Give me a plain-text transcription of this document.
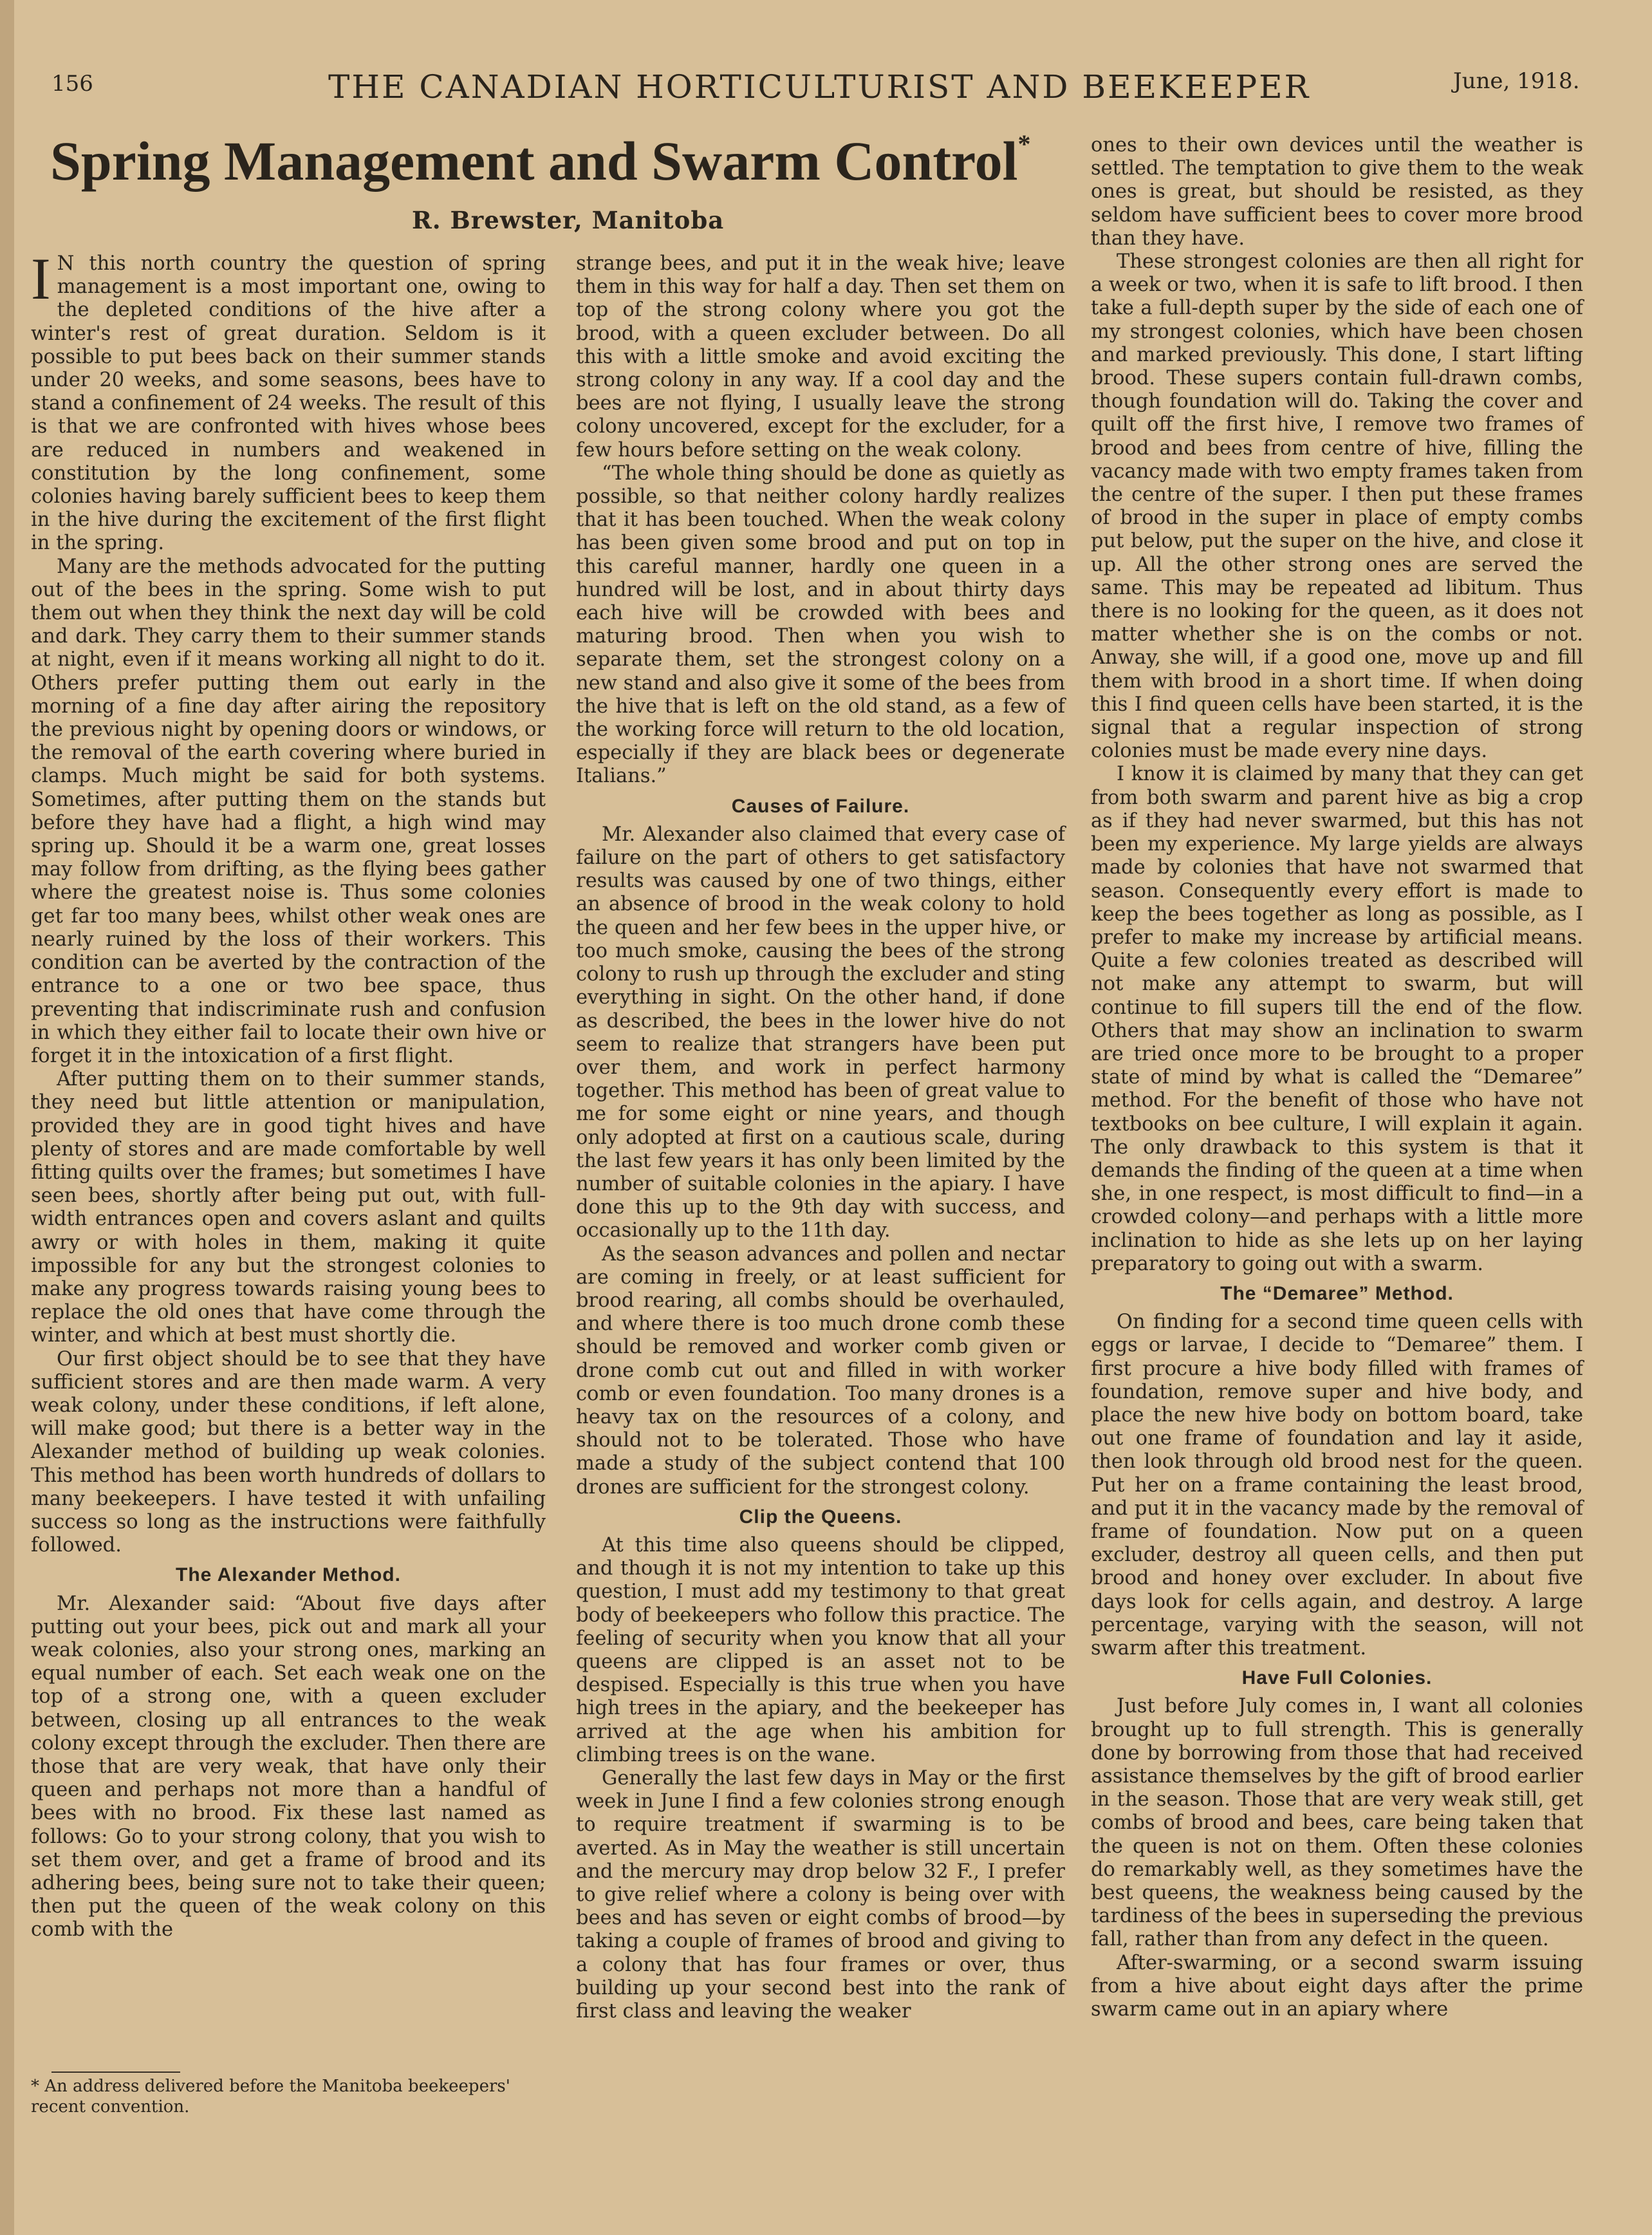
156	THE CANADIAN HORTICULTURIST AND BEEKEEPER	June, 1918.
Spring Management and Swarm Control*
R. Brewster, Manitoba

I N this north country the question of spring management is a most important one, owing to the depleted conditions of the hive after a winter's rest of great duration. Seldom is it possible to put bees back on their summer stands under 20 weeks, and some seasons, bees have to stand a confinement of 24 weeks. The result of this is that we are confronted with hives whose bees are reduced in numbers and weakened in constitution by the long confinement, some colonies having barely sufficient bees to keep them in the hive during the excitement of the first flight in the spring.

Many are the methods advocated for the putting out of the bees in the spring. Some wish to put them out when they think the next day will be cold and dark. They carry them to their summer stands at night, even if it means working all night to do it. Others prefer putting them out early in the morning of a fine day after airing the repository the previous night by opening doors or windows, or the removal of the earth covering where buried in clamps. Much might be said for both systems. Sometimes, after putting them on the stands but before they have had a flight, a high wind may spring up. Should it be a warm one, great losses may follow from drifting, as the flying bees gather where the greatest noise is. Thus some colonies get far too many bees, whilst other weak ones are nearly ruined by the loss of their workers. This condition can be averted by the contraction of the entrance to a one or two bee space, thus preventing that indiscriminate rush and confusion in which they either fail to locate their own hive or forget it in the intoxication of a first flight.

After putting them on to their summer stands, they need but little attention or manipulation, provided they are in good tight hives and have plenty of stores and are made comfortable by well fitting quilts over the frames; but sometimes I have seen bees, shortly after being put out, with full-width entrances open and covers aslant and quilts awry or with holes in them, making it quite impossible for any but the strongest colonies to make any progress towards raising young bees to replace the old ones that have come through the winter, and which at best must shortly die.

Our first object should be to see that they have sufficient stores and are then made warm. A very weak colony, under these conditions, if left alone, will make good; but there is a better way in the Alexander method of building up weak colonies. This method has been worth hundreds of dollars to many beekeepers. I have tested it with unfailing success so long as the instructions were faithfully followed.

The Alexander Method.

Mr. Alexander said: “About five days after putting out your bees, pick out and mark all your weak colonies, also your strong ones, marking an equal number of each. Set each weak one on the top of a strong one, with a queen excluder between, closing up all entrances to the weak colony except through the excluder. Then there are those that are very weak, that have only their queen and perhaps not more than a handful of bees with no brood. Fix these last named as follows: Go to your strong colony, that you wish to set them over, and get a frame of brood and its adhering bees, being sure not to take their queen; then put the queen of the weak colony on this comb with the

* An address delivered before the Manitoba beekeepers' recent convention.

strange bees, and put it in the weak hive; leave them in this way for half a day. Then set them on top of the strong colony where you got the brood, with a queen excluder between. Do all this with a little smoke and avoid exciting the strong colony in any way. If a cool day and the bees are not flying, I usually leave the strong colony uncovered, except for the excluder, for a few hours before setting on the weak colony.

“The whole thing should be done as quietly as possible, so that neither colony hardly realizes that it has been touched. When the weak colony has been given some brood and put on top in this careful manner, hardly one queen in a hundred will be lost, and in about thirty days each hive will be crowded with bees and maturing brood. Then when you wish to separate them, set the strongest colony on a new stand and also give it some of the bees from the hive that is left on the old stand, as a few of the working force will return to the old location, especially if they are black bees or degenerate Italians.”

Causes of Failure.

Mr. Alexander also claimed that every case of failure on the part of others to get satisfactory results was caused by one of two things, either an absence of brood in the weak colony to hold the queen and her few bees in the upper hive, or too much smoke, causing the bees of the strong colony to rush up through the excluder and sting everything in sight. On the other hand, if done as described, the bees in the lower hive do not seem to realize that strangers have been put over them, and work in perfect harmony together. This method has been of great value to me for some eight or nine years, and though only adopted at first on a cautious scale, during the last few years it has only been limited by the number of suitable colonies in the apiary. I have done this up to the 9th day with success, and occasionally up to the 11th day.

As the season advances and pollen and nectar are coming in freely, or at least sufficient for brood rearing, all combs should be overhauled, and where there is too much drone comb these should be removed and worker comb given or drone comb cut out and filled in with worker comb or even foundation. Too many drones is a heavy tax on the resources of a colony, and should not to be tolerated. Those who have made a study of the subject contend that 100 drones are sufficient for the strongest colony.

Clip the Queens.

At this time also queens should be clipped, and though it is not my intention to take up this question, I must add my testimony to that great body of beekeepers who follow this practice. The feeling of security when you know that all your queens are clipped is an asset not to be despised. Especially is this true when you have high trees in the apiary, and the beekeeper has arrived at the age when his ambition for climbing trees is on the wane.

Generally the last few days in May or the first week in June I find a few colonies strong enough to require treatment if swarming is to be averted. As in May the weather is still uncertain and the mercury may drop below 32 F., I prefer to give relief where a colony is being over with bees and has seven or eight combs of brood—by taking a couple of frames of brood and giving to a colony that has four frames or over, thus building up your second best into the rank of first class and leaving the weaker

ones to their own devices until the weather is settled. The temptation to give them to the weak ones is great, but should be resisted, as they seldom have sufficient bees to cover more brood than they have.

These strongest colonies are then all right for a week or two, when it is safe to lift brood. I then take a full-depth super by the side of each one of my strongest colonies, which have been chosen and marked previously. This done, I start lifting brood. These supers contain full-drawn combs, though foundation will do. Taking the cover and quilt off the first hive, I remove two frames of brood and bees from centre of hive, filling the vacancy made with two empty frames taken from the centre of the super. I then put these frames of brood in the super in place of empty combs put below, put the super on the hive, and close it up. All the other strong ones are served the same. This may be repeated ad libitum. Thus there is no looking for the queen, as it does not matter whether she is on the combs or not. Anway, she will, if a good one, move up and fill them with brood in a short time. If when doing this I find queen cells have been started, it is the signal that a regular inspection of strong colonies must be made every nine days.

I know it is claimed by many that they can get from both swarm and parent hive as big a crop as if they had never swarmed, but this has not been my experience. My large yields are always made by colonies that have not swarmed that season. Consequently every effort is made to keep the bees together as long as possible, as I prefer to make my increase by artificial means. Quite a few colonies treated as described will not make any attempt to swarm, but will continue to fill supers till the end of the flow. Others that may show an inclination to swarm are tried once more to be brought to a proper state of mind by what is called the “Demaree” method. For the benefit of those who have not textbooks on bee culture, I will explain it again. The only drawback to this system is that it demands the finding of the queen at a time when she, in one respect, is most difficult to find—in a crowded colony—and perhaps with a little more inclination to hide as she lets up on her laying preparatory to going out with a swarm.

The “Demaree” Method.

On finding for a second time queen cells with eggs or larvae, I decide to “Demaree” them. I first procure a hive body filled with frames of foundation, remove super and hive body, and place the new hive body on bottom board, take out one frame of foundation and lay it aside, then look through old brood nest for the queen. Put her on a frame containing the least brood, and put it in the vacancy made by the removal of frame of foundation. Now put on a queen excluder, destroy all queen cells, and then put brood and honey over excluder. In about five days look for cells again, and destroy. A large percentage, varying with the season, will not swarm after this treatment.

Have Full Colonies.

Just before July comes in, I want all colonies brought up to full strength. This is generally done by borrowing from those that had received assistance themselves by the gift of brood earlier in the season. Those that are very weak still, get combs of brood and bees, care being taken that the queen is not on them. Often these colonies do remarkably well, as they sometimes have the best queens, the weakness being caused by the tardiness of the bees in superseding the previous fall, rather than from any defect in the queen.

After-swarming, or a second swarm issuing from a hive about eight days after the prime swarm came out in an apiary where
